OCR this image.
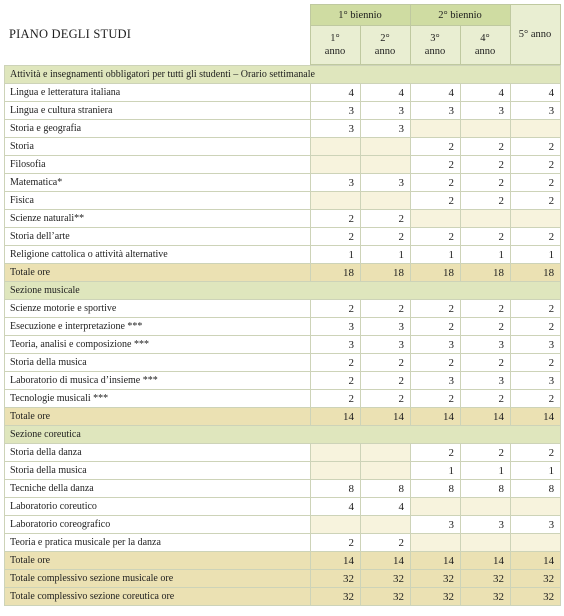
PIANO DEGLI STUDI	1° biennio		2° biennio		5° anno
	1°
anno	2°
anno	3°
anno	4°
anno	
Attività e insegnamenti obbligatori per tutti gli studenti – Orario settimanale					
Lingua e letteratura italiana	4	4	4	4	4
Lingua e cultura straniera	3	3	3	3	3
Storia e geografia	3	3			
Storia			2	2	2
Filosofia			2	2	2
Matematica*	3	3	2	2	2
Fisica			2	2	2
Scienze naturali**	2	2			
Storia dell’arte	2	2	2	2	2
Religione cattolica o attività alternative	1	1	1	1	1
Totale ore	18	18	18	18	18
Sezione musicale					
Scienze motorie e sportive	2	2	2	2	2
Esecuzione e interpretazione ***	3	3	2	2	2
Teoria, analisi e composizione ***	3	3	3	3	3
Storia della musica	2	2	2	2	2
Laboratorio di musica d’insieme ***	2	2	3	3	3
Tecnologie musicali ***	2	2	2	2	2
Totale ore	14	14	14	14	14
Sezione coreutica					
Storia della danza			2	2	2
Storia della musica			1	1	1
Tecniche della danza	8	8	8	8	8
Laboratorio coreutico	4	4			
Laboratorio coreografico			3	3	3
Teoria e pratica musicale per la danza	2	2			
Totale ore	14	14	14	14	14
Totale complessivo sezione musicale ore	32	32	32	32	32
Totale complessivo sezione coreutica ore	32	32	32	32	32
